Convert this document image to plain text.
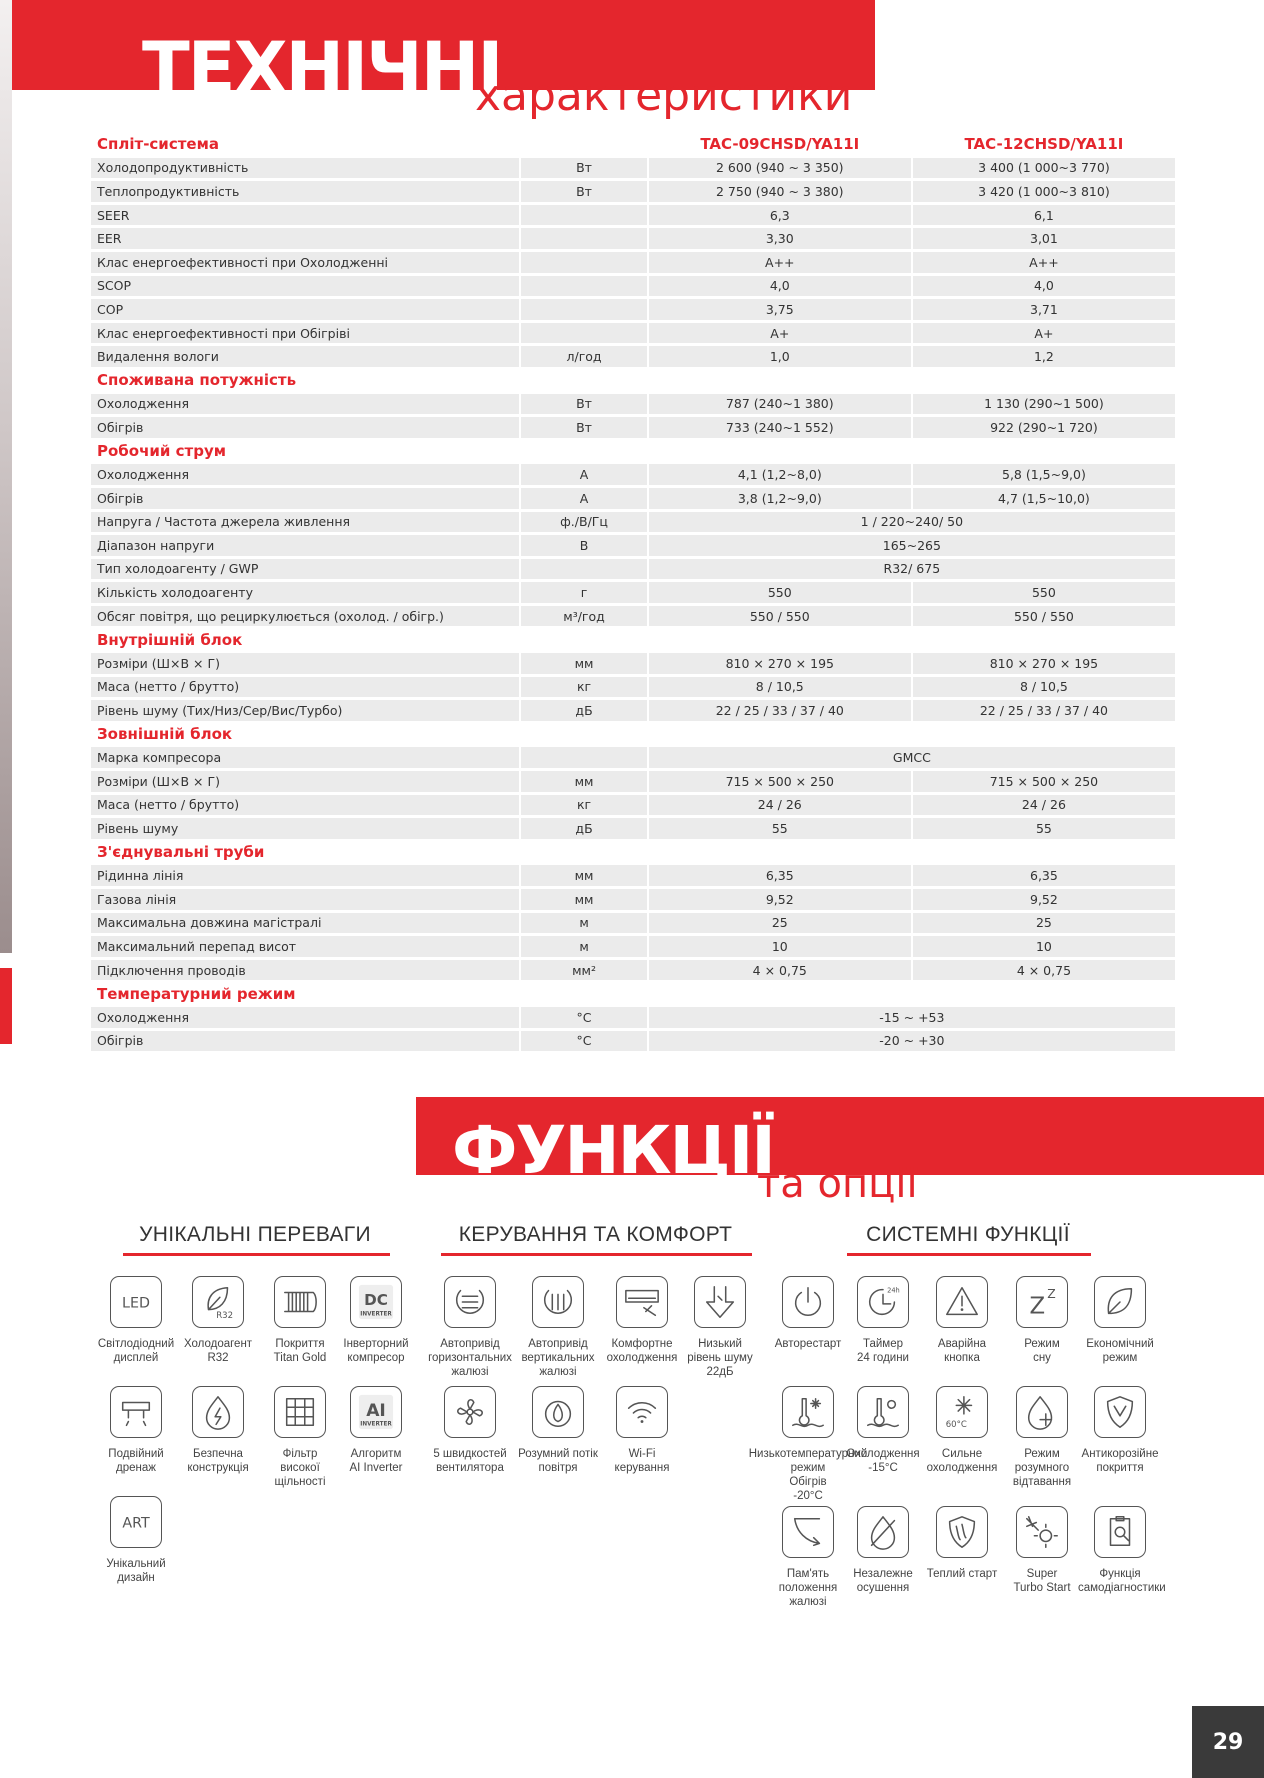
ТЕХНІЧНІ
характеристики
Спліт-система		TAC-09CHSD/YA11I	TAC-12CHSD/YA11I
Холодопродуктивність	Вт	2 600 (940 ~ 3 350)	3 400 (1 000~3 770)
Теплопродуктивність	Вт	2 750 (940 ~ 3 380)	3 420 (1 000~3 810)
SEER		6,3	6,1
EER		3,30	3,01
Клас енергоефективності при Охолодженні		A++	A++
SCOP		4,0	4,0
COP		3,75	3,71
Клас енергоефективності при Обігріві		A+	A+
Видалення вологи	л/год	1,0	1,2
Споживана потужність			
Охолодження	Вт	787 (240~1 380)	1 130 (290~1 500)
Обігрів	Вт	733 (240~1 552)	922 (290~1 720)
Робочий струм			
Охолодження	А	4,1 (1,2~8,0)	5,8 (1,5~9,0)
Обігрів	А	3,8 (1,2~9,0)	4,7 (1,5~10,0)
Напруга / Частота джерела живлення	ф./В/Гц	1 / 220~240/ 50	
Діапазон напруги	В	165~265	
Тип холодоагенту / GWP		R32/ 675	
Кількість холодоагенту	г	550	550
Обсяг повітря, що рециркулюється (охолод. / обігр.)	м³/год	550 / 550	550 / 550
Внутрішній блок			
Розміри (Ш×В × Г)	мм	810 × 270 × 195	810 × 270 × 195
Маса (нетто / брутто)	кг	8 / 10,5	8 / 10,5
Рівень шуму (Тих/Низ/Сер/Вис/Турбо)	дБ	22 / 25 / 33 / 37 / 40	22 / 25 / 33 / 37 / 40
Зовнішній блок			
Марка компресора		GMCC	
Розміри (Ш×В × Г)	мм	715 × 500 × 250	715 × 500 × 250
Маса (нетто / брутто)	кг	24 / 26	24 / 26
Рівень шуму	дБ	55	55
З'єднувальні труби			
Рідинна лінія	мм	6,35	6,35
Газова лінія	мм	9,52	9,52
Максимальна довжина магістралі	м	25	25
Максимальний перепад висот	м	10	10
Підключення проводів	мм²	4 × 0,75	4 × 0,75
Температурний режим			
Охолодження	°С	-15 ~ +53	
Обігрів	°С	-20 ~ +30	
ФУНКЦІЇ
та опції
УНІКАЛЬНІ ПЕРЕВАГИ	КЕРУВАННЯ ТА КОМФОРТ	СИСТЕМНІ ФУНКЦІЇ
LED
Світлодіодний
дисплей
R32
Холодоагент
R32
Покриття
Titan Gold
DC
INVERTER
Інверторний
компресор
Подвійний
дренаж
Безпечна
конструкція
Фільтр
високої
щільності
AI
INVERTER
Алгоритм
AI Inverter
ART
Унікальний
дизайн
Автопривід
горизонтальних
жалюзі
Автопривід
вертикальних
жалюзі
Комфортне
охолодження
Низький
рівень шуму
22дБ
5 швидкостей
вентилятора
Розумний потік
повітря
Wi-Fi
керування
Авторестарт
24h
Таймер
24 години
Аварійна
кнопка
Z Z
Режим
сну
Економічний
режим
Низькотемпературний режим
Обігрів
-20°С
Охолодження
-15°С
60°C
Сильне
охолодження
Режим
розумного
відтавання
Антикорозійне
покриття
Пам'ять
положення
жалюзі
Незалежне
осушення
Теплий старт	Super
Turbo Start
Функція
самодіагностики
29
